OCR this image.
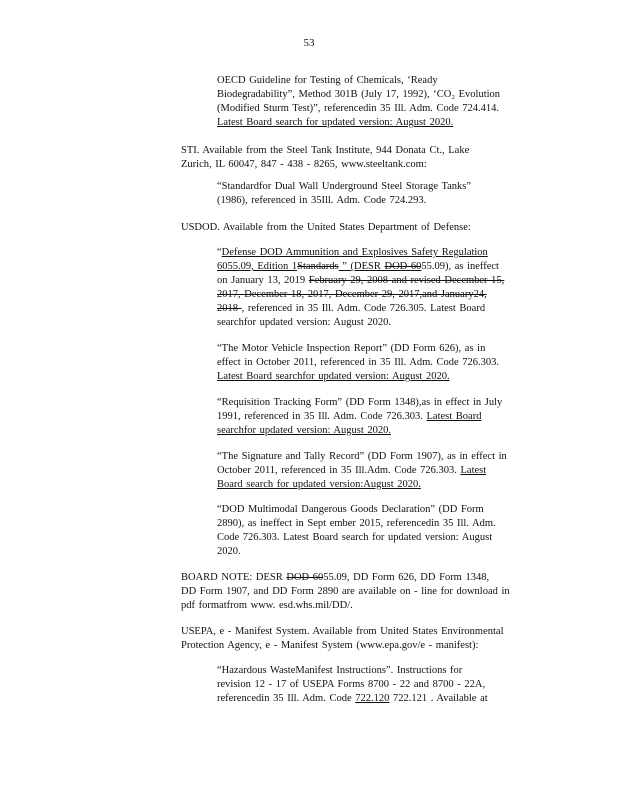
53
OECD Guideline for Testing of Chemicals, ‘Ready
Biodegradability”, Method 301B (July 17, 1992), ‘CO₂ Evolution
(Modified Sturm Test)”, referencedin 35 Ill. Adm. Code 724.414.
Latest Board search for updated version: August 2020.
STI. Available from the Steel Tank Institute, 944 Donata Ct., Lake
Zurich, IL 60047, 847 - 438 - 8265, www.steeltank.com:
“Standardfor Dual Wall Underground Steel Storage Tanks”
(1986), referenced in 35Ill. Adm. Code 724.293.
USDOD. Available from the United States Department of Defense:
“Defense DOD Ammunition and Explosives Safety Regulation
6055.09, Edition 1Standards ” (DESR DOD 6055.09), as ineffect
on January 13, 2019 February 29, 2008 and revised December 15,
2017, December 18, 2017, December 29, 2017,and January24,
2018 , referenced in 35 Ill. Adm. Code 726.305. Latest Board
searchfor updated version: August 2020.
“The Motor Vehicle Inspection Report” (DD Form 626), as in
effect in October 2011, referenced in 35 Ill. Adm. Code 726.303.
Latest Board searchfor updated version: August 2020.
“Requisition Tracking Form” (DD Form 1348),as in effect in July
1991, referenced in 35 Ill. Adm. Code 726.303. Latest Board
searchfor updated version: August 2020.
“The Signature and Tally Record” (DD Form 1907), as in effect in
October 2011, referenced in 35 Ill.Adm. Code 726.303. Latest
Board search for updated version:August 2020.
“DOD Multimodal Dangerous Goods Declaration” (DD Form
2890), as ineffect in Sept ember 2015, referencedin 35 Ill. Adm.
Code 726.303. Latest Board search for updated version: August
2020.
BOARD NOTE: DESR DOD 6055.09, DD Form 626, DD Form 1348,
DD Form 1907, and DD Form 2890 are available on - line for download in
pdf formatfrom www. esd.whs.mil/DD/.
USEPA, e - Manifest System. Available from United States Environmental
Protection Agency, e - Manifest System (www.epa.gov/e - manifest):
“Hazardous WasteManifest Instructions”. Instructions for
revision 12 - 17 of USEPA Forms 8700 - 22 and 8700 - 22A,
referencedin 35 Ill. Adm. Code 722.120 722.121 . Available at
